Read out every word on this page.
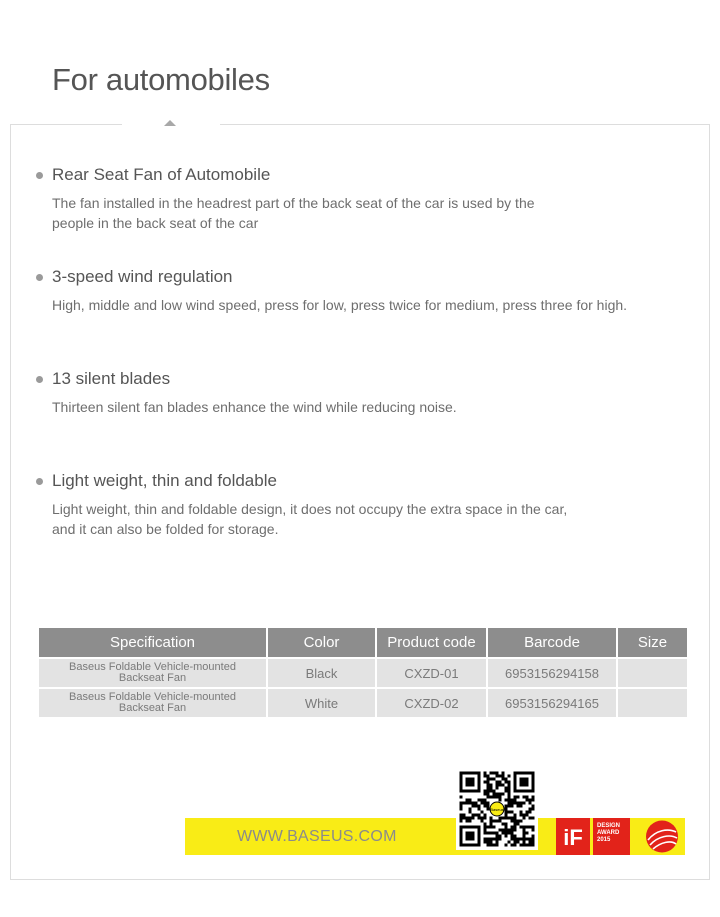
For automobiles
Rear Seat Fan of Automobile
The fan installed in the headrest part of the back seat of the car is used by the
people in the back seat of the car
3-speed wind regulation
High, middle and low wind speed, press for low, press twice for medium, press three for high.
13 silent blades
Thirteen silent fan blades enhance the wind while reducing noise.
Light weight, thin and foldable
Light weight, thin and foldable design, it does not occupy the extra space in the car,
and it can also be folded for storage.
Specification	Color	Product code	Barcode	Size

Baseus Foldable Vehicle-mounted
Backseat Fan	Black	CXZD-01	6953156294158	

Baseus Foldable Vehicle-mounted
Backseat Fan	White	CXZD-02	6953156294165	
WWW.BASEUS.COM
Baseus
iF DESIGN
AWARD
2015
